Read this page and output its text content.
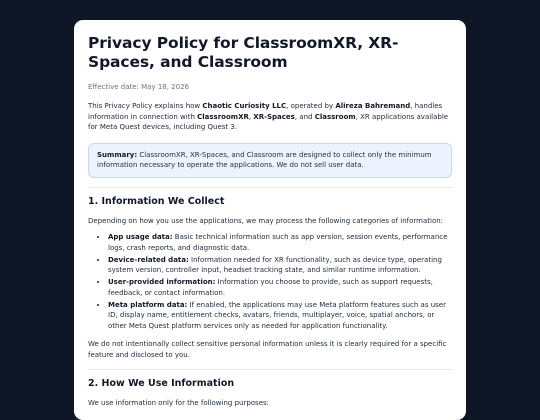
Privacy Policy for ClassroomXR, XR-Spaces, and Classroom
Effective date: May 18, 2026

This Privacy Policy explains how Chaotic Curiosity LLC, operated by Alireza Bahremand, handles information in connection with ClassroomXR, XR-Spaces, and Classroom, XR applications available for Meta Quest devices, including Quest 3.

Summary: ClassroomXR, XR-Spaces, and Classroom are designed to collect only the minimum information necessary to operate the applications. We do not sell user data.
1. Information We Collect

Depending on how you use the applications, we may process the following categories of information:

• App usage data: Basic technical information such as app version, session events, performance logs, crash reports, and diagnostic data.
• Device-related data: Information needed for XR functionality, such as device type, operating system version, controller input, headset tracking state, and similar runtime information.
• User-provided information: Information you choose to provide, such as support requests, feedback, or contact information.
• Meta platform data: If enabled, the applications may use Meta platform features such as user ID, display name, entitlement checks, avatars, friends, multiplayer, voice, spatial anchors, or other Meta Quest platform services only as needed for application functionality.

We do not intentionally collect sensitive personal information unless it is clearly required for a specific feature and disclosed to you.

2. How We Use Information

We use information only for the following purposes:
